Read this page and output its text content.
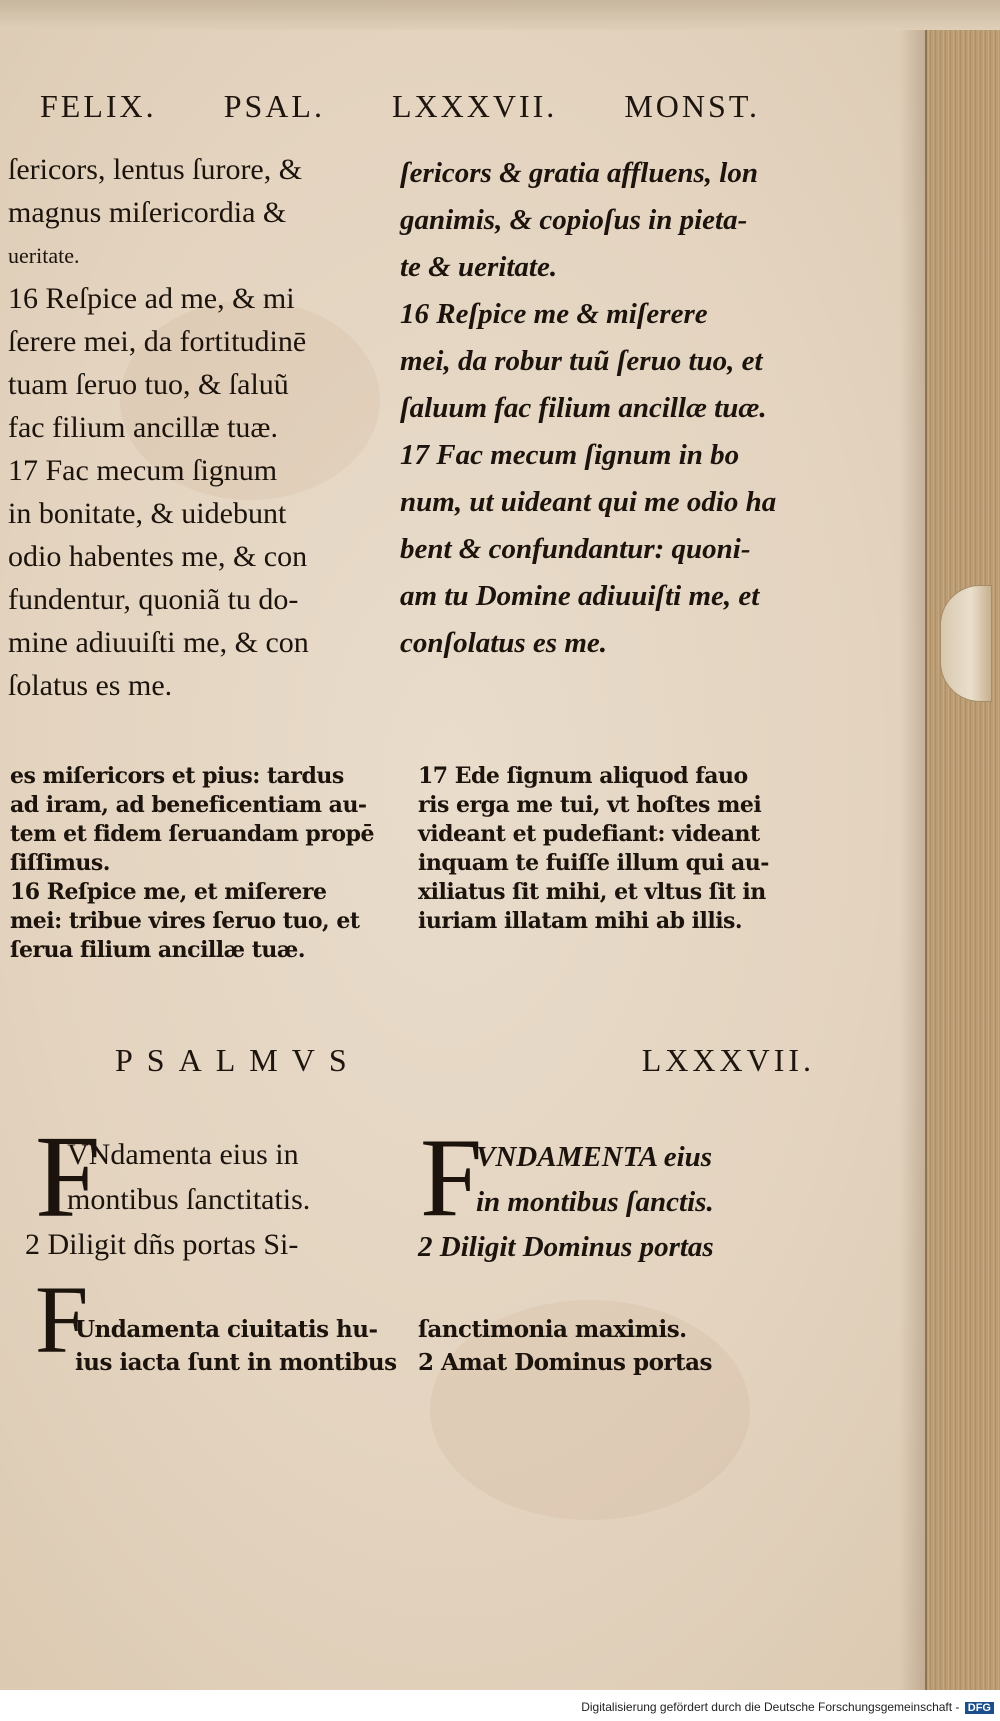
FELIX. PSAL. LXXXVII. MONST.
ſericors, lentus ſurore, &
magnus miſericordia &
ueritate.
16 Reſpice ad me, & mi
ſerere mei, da fortitudinē
tuam ſeruo tuo, & ſaluũ
fac filium ancillæ tuæ.
17 Fac mecum ſignum
in bonitate, & uidebunt
odio habentes me, & con
fundentur, quoniã tu do-
mine adiuuiſti me, & con
ſolatus es me.
ſericors & gratia affluens, lon
ganimis, & copioſus in pieta-
te & ueritate.
16 Reſpice me & miſerere
mei, da robur tuũ ſeruo tuo, et
ſaluum fac filium ancillæ tuæ.
17 Fac mecum ſignum in bo
num, ut uideant qui me odio ha
bent & confundantur: quoni-
am tu Domine adiuuiſti me, et
conſolatus es me.
es miſericors et pius: tardus
ad iram, ad beneficentiam au-
tem et fidem ſeruandam propē
ſiſſimus.
16 Reſpice me, et miſerere
mei: tribue vires ſeruo tuo, et
ſerua filium ancillæ tuæ.
17 Ede ſignum aliquod fauo
ris erga me tui, vt hoſtes mei
videant et pudefiant: videant
inquam te fuiſſe illum qui au-
xiliatus ſit mihi, et vltus ſit in
iuriam illatam mihi ab illis.
PSALMVS	LXXXVII.
F
VNdamenta eius in
montibus ſanctitatis.
2 Diligit dñs portas Si-
F
VNDAMENTA eius
in montibus ſanctis.
2 Diligit Dominus portas
F
Undamenta ciuitatis hu-
ius iacta ſunt in montibus
ſanctimonia maximis.
2 Amat Dominus portas
Digitalisierung gefördert durch die Deutsche Forschungsgemeinschaft - DFG
